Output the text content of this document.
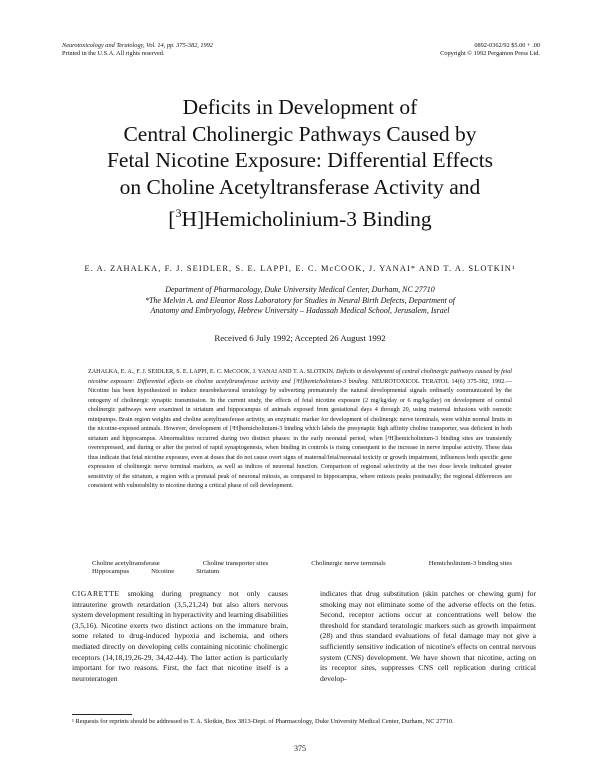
Neurotoxicology and Teratology, Vol. 14, pp. 375-382, 1992
Printed in the U.S.A. All rights reserved.
0892-0362/92 $5.00 + .00
Copyright © 1992 Pergamon Press Ltd.
Deficits in Development of
Central Cholinergic Pathways Caused by
Fetal Nicotine Exposure: Differential Effects
on Choline Acetyltransferase Activity and
[$^3$H]Hemicholinium-3 Binding
E. A. ZAHALKA, F. J. SEIDLER, S. E. LAPPI, E. C. McCOOK, J. YANAI* AND T. A. SLOTKIN¹
Department of Pharmacology, Duke University Medical Center, Durham, NC 27710
*The Melvin A. and Eleanor Ross Laboratory for Studies in Neural Birth Defects, Department of
Anatomy and Embryology, Hebrew University – Hadassah Medical School, Jerusalem, Israel
Received 6 July 1992; Accepted 26 August 1992

ZAHALKA, E. A., F. J. SEIDLER, S. E. LAPPI, E. C. McCOOK, J. YANAI AND T. A. SLOTKIN. Deficits in development of central cholinergic pathways caused by fetal nicotine exposure: Differential effects on choline acetyltransferase activity and [³H]hemicholinium-3 binding. NEUROTOXICOL TERATOL 14(6) 375-382, 1992.—Nicotine has been hypothesized to induce neurobehavioral teratology by subverting prematurely the natural developmental signals ordinarily communicated by the ontogeny of cholinergic synaptic transmission. In the current study, the effects of fetal nicotine exposure (2 mg/kg/day or 6 mg/kg/day) on development of central cholinergic pathways were examined in striatum and hippocampus of animals exposed from gestational days 4 through 20, using maternal infusions with osmotic minipumps. Brain region weights and choline acetyltransferase activity, an enzymatic marker for development of cholinergic nerve terminals, were within normal limits in the nicotine-exposed animals. However, development of [³H]hemicholinium-3 binding which labels the presynaptic high affinity choline transporter, was deficient in both striatum and hippocampus. Abnormalities occurred during two distinct phases: in the early neonatal period, when [³H]hemicholinium-3 binding sites are transiently overexpressed, and during or after the period of rapid synaptogenesis, when binding in controls is rising consequent to the increase in nerve impulse activity. These data thus indicate that fetal nicotine exposure, even at doses that do not cause overt signs of maternal/fetal/neonatal toxicity or growth impairment, influences both specific gene expression of cholinergic nerve terminal markers, as well as indices of neuronal function. Comparison of regional selectivity at the two dose levels indicated greater sensitivity of the striatum, a region with a prenatal peak of neuronal mitosis, as compared to hippocampus, where mitosis peaks postnatally; the regional differences are consistent with vulnerability to nicotine during a critical phase of cell development.

Choline acetyltransferase	Choline transporter sites	Cholinergic nerve terminals	Hemicholinium-3 binding sites
Hippocampus	Nicotine	Striatum

CIGARETTE smoking during pregnancy not only causes intrauterine growth retardation (3,5,21,24) but also alters nervous system development resulting in hyperactivity and learning disabilities (3,5,16). Nicotine exerts two distinct actions on the immature brain, some related to drug-induced hypoxia and ischemia, and others mediated directly on developing cells containing nicotinic cholinergic receptors (14,18,19,26-29, 34,42-44). The latter action is particularly important for two reasons. First, the fact that nicotine itself is a neuroteratogen

indicates that drug substitution (skin patches or chewing gum) for smoking may not eliminate some of the adverse effects on the fetus. Second, receptor actions occur at concentrations well below the threshold for standard teratologic markers such as growth impairment (28) and thus standard evaluations of fetal damage may not give a sufficiently sensitive indication of nicotine's effects on central nervous system (CNS) development. We have shown that nicotine, acting on its receptor sites, suppresses CNS cell replication during critical develop-

¹ Requests for reprints should be addressed to T. A. Slotkin, Box 3813-Dept. of Pharmacology, Duke University Medical Center, Durham, NC 27710.

375
